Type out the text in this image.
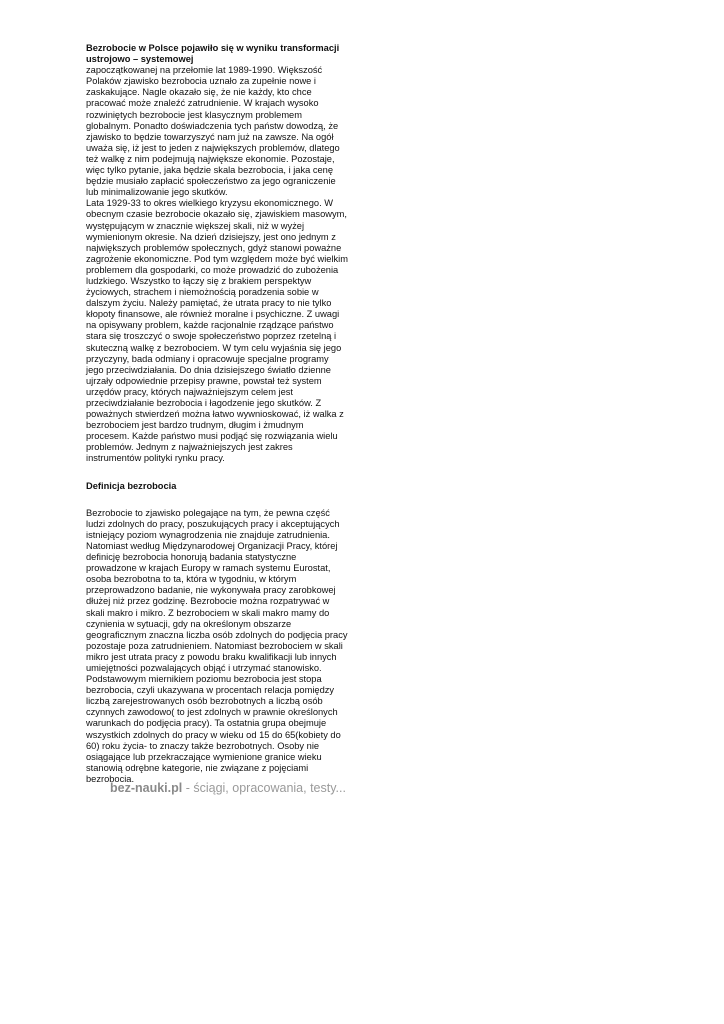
Bezrobocie w Polsce pojawiło się w wyniku transformacji
ustrojowo – systemowej

zapoczątkowanej na przełomie lat 1989-1990. Większość
Polaków zjawisko bezrobocia uznało za zupełnie nowe i
zaskakujące. Nagle okazało się, że nie każdy, kto chce
pracować może znaleźć zatrudnienie. W krajach wysoko
rozwiniętych bezrobocie jest klasycznym problemem
globalnym. Ponadto doświadczenia tych państw dowodzą, że
zjawisko to będzie towarzyszyć nam już na zawsze. Na ogół
uważa się, iż jest to jeden z największych problemów, dlatego
też walkę z nim podejmują największe ekonomie. Pozostaje,
więc tylko pytanie, jaka będzie skala bezrobocia, i jaka cenę
będzie musiało zapłacić społeczeństwo za jego ograniczenie
lub minimalizowanie jego skutków.
Lata 1929-33 to okres wielkiego kryzysu ekonomicznego. W
obecnym czasie bezrobocie okazało się, zjawiskiem masowym,
występującym w znacznie większej skali, niż w wyżej
wymienionym okresie. Na dzień dzisiejszy, jest ono jednym z
największych problemów społecznych, gdyż stanowi poważne
zagrożenie ekonomiczne. Pod tym względem może być wielkim
problemem dla gospodarki, co może prowadzić do zubożenia
ludzkiego. Wszystko to łączy się z brakiem perspektyw
życiowych, strachem i niemożnością poradzenia sobie w
dalszym życiu. Należy pamiętać, że utrata pracy to nie tylko
kłopoty finansowe, ale również moralne i psychiczne. Z uwagi
na opisywany problem, każde racjonalnie rządzące państwo
stara się troszczyć o swoje społeczeństwo poprzez rzetelną i
skuteczną walkę z bezrobociem. W tym celu wyjaśnia się jego
przyczyny, bada odmiany i opracowuje specjalne programy
jego przeciwdziałania. Do dnia dzisiejszego światło dzienne
ujrzały odpowiednie przepisy prawne, powstał też system
urzędów pracy, których najważniejszym celem jest
przeciwdziałanie bezrobocia i łagodzenie jego skutków. Z
poważnych stwierdzeń można łatwo wywnioskować, iż walka z
bezrobociem jest bardzo trudnym, długim i żmudnym
procesem. Każde państwo musi podjąć się rozwiązania wielu
problemów. Jednym z najważniejszych jest zakres
instrumentów polityki rynku pracy.

Definicja bezrobocia

Bezrobocie to zjawisko polegające na tym, że pewna część
ludzi zdolnych do pracy, poszukujących pracy i akceptujących
istniejący poziom wynagrodzenia nie znajduje zatrudnienia.
Natomiast według Międzynarodowej Organizacji Pracy, której
definicję bezrobocia honorują badania statystyczne
prowadzone w krajach Europy w ramach systemu Eurostat,
osoba bezrobotna to ta, która w tygodniu, w którym
przeprowadzono badanie, nie wykonywała pracy zarobkowej
dłużej niż przez godzinę. Bezrobocie można rozpatrywać w
skali makro i mikro. Z bezrobociem w skali makro mamy do
czynienia w sytuacji, gdy na określonym obszarze
geograficznym znaczna liczba osób zdolnych do podjęcia pracy
pozostaje poza zatrudnieniem. Natomiast bezrobociem w skali
mikro jest utrata pracy z powodu braku kwalifikacji lub innych
umiejętności pozwalających objąć i utrzymać stanowisko.
Podstawowym miernikiem poziomu bezrobocia jest stopa
bezrobocia, czyli ukazywana w procentach relacja pomiędzy
liczbą zarejestrowanych osób bezrobotnych a liczbą osób
czynnych zawodowo( to jest zdolnych w prawnie określonych
warunkach do podjęcia pracy). Ta ostatnia grupa obejmuje
wszystkich zdolnych do pracy w wieku od 15 do 65(kobiety do
60) roku życia- to znaczy także bezrobotnych. Osoby nie
osiągające lub przekraczające wymienione granice wieku
stanowią odrębne kategorie, nie związane z pojęciami
bezrobocia.

bez-nauki.pl - ściągi, opracowania, testy...
